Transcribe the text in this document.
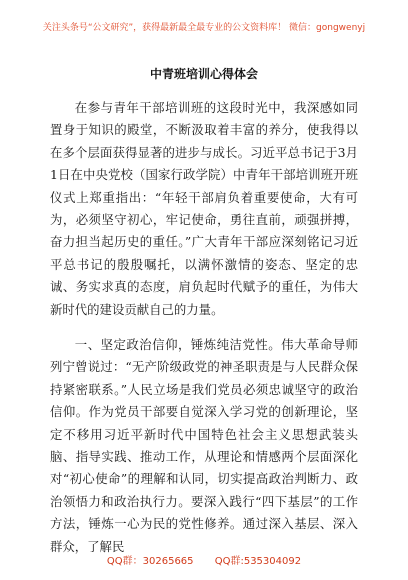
关注头条号“公文研究”，获得最新最全最专业的公文资料库！ 微信：gongwenyj
中青班培训心得体会

在参与青年干部培训班的这段时光中，我深感如同置身于知识的殿堂，不断汲取着丰富的养分，使我得以在多个层面获得显著的进步与成长。习近平总书记于3月1日在中央党校（国家行政学院）中青年干部培训班开班仪式上郑重指出：“年轻干部肩负着重要使命，大有可为，必须坚守初心，牢记使命，勇往直前，顽强拼搏，奋力担当起历史的重任。”广大青年干部应深刻铭记习近平总书记的殷殷嘱托，以满怀激情的姿态、坚定的忠诚、务实求真的态度，肩负起时代赋予的重任，为伟大新时代的建设贡献自己的力量。

一、坚定政治信仰，锤炼纯洁党性。伟大革命导师列宁曾说过：“无产阶级政党的神圣职责是与人民群众保持紧密联系。”人民立场是我们党员必须忠诚坚守的政治信仰。作为党员干部要自觉深入学习党的创新理论，坚定不移用习近平新时代中国特色社会主义思想武装头脑、指导实践、推动工作，从理论和情感两个层面深化对“初心使命”的理解和认同，切实提高政治判断力、政治领悟力和政治执行力。要深入践行“四下基层”的工作方法，锤炼一心为民的党性修养。通过深入基层、深入群众，了解民

QQ群：30265665 QQ群:535304092
